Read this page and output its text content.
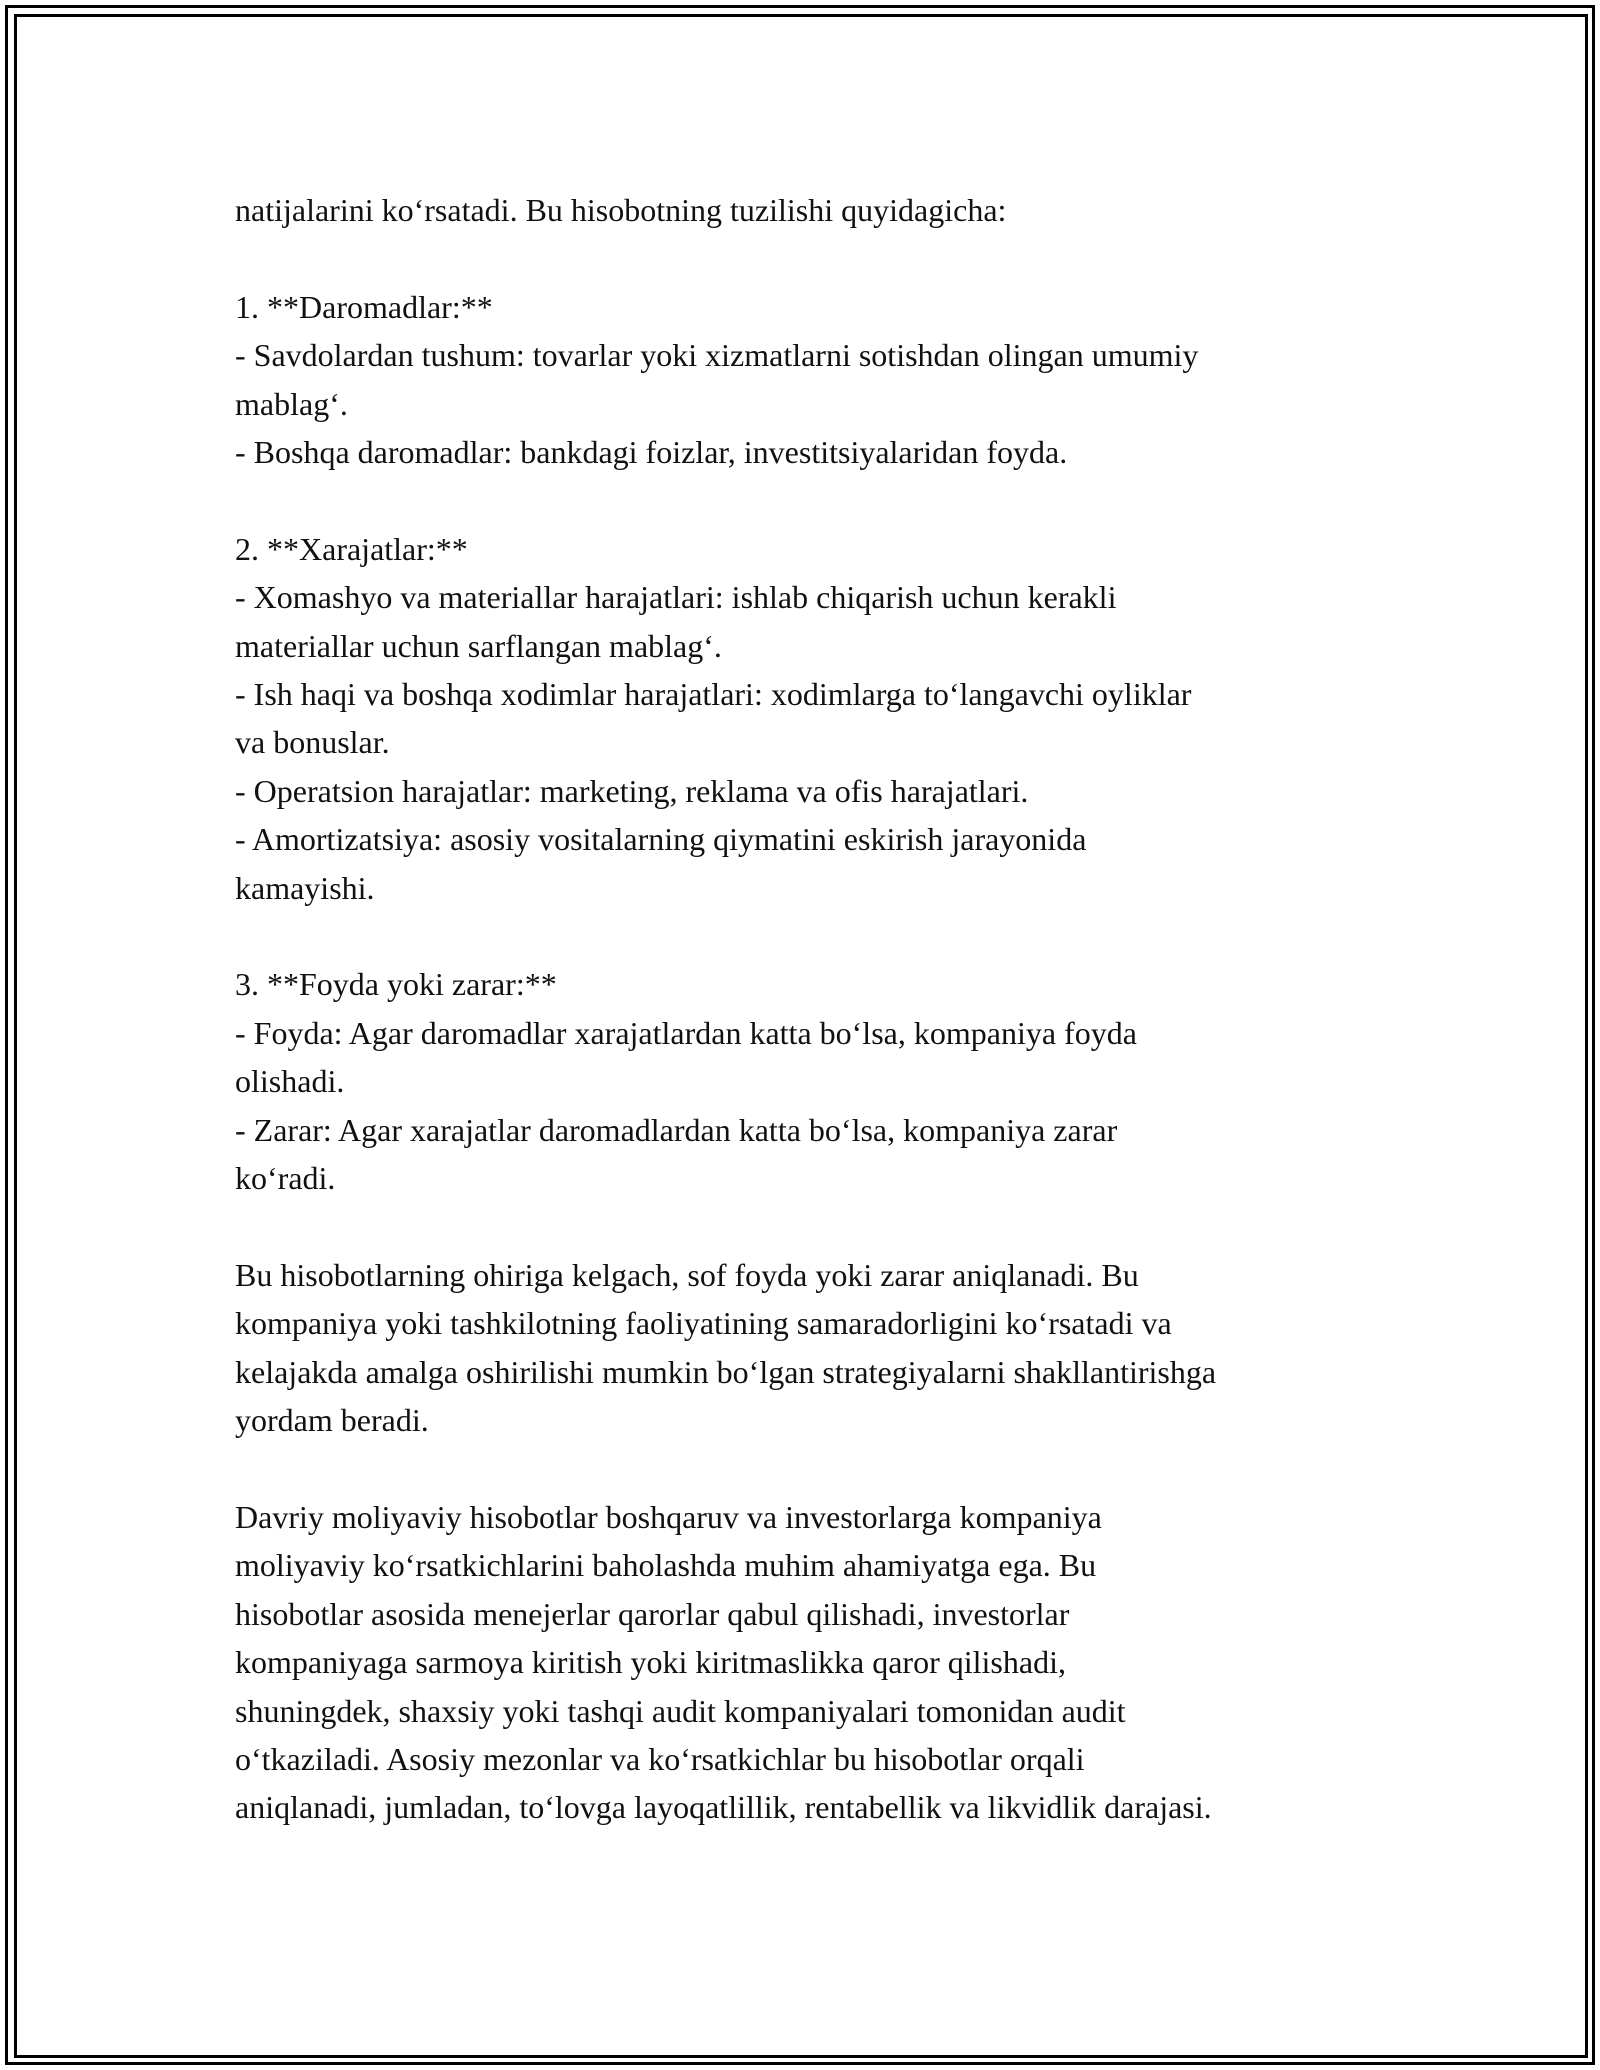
natijalarini ko‘rsatadi. Bu hisobotning tuzilishi quyidagicha:
1. **Daromadlar:**
- Savdolardan tushum: tovarlar yoki xizmatlarni sotishdan olingan umumiy
mablag‘.
- Boshqa daromadlar: bankdagi foizlar, investitsiyalaridan foyda.
2. **Xarajatlar:**
- Xomashyo va materiallar harajatlari: ishlab chiqarish uchun kerakli
materiallar uchun sarflangan mablag‘.
- Ish haqi va boshqa xodimlar harajatlari: xodimlarga to‘langavchi oyliklar
va bonuslar.
- Operatsion harajatlar: marketing, reklama va ofis harajatlari.
- Amortizatsiya: asosiy vositalarning qiymatini eskirish jarayonida
kamayishi.
3. **Foyda yoki zarar:**
- Foyda: Agar daromadlar xarajatlardan katta bo‘lsa, kompaniya foyda
olishadi.
- Zarar: Agar xarajatlar daromadlardan katta bo‘lsa, kompaniya zarar
ko‘radi.
Bu hisobotlarning ohiriga kelgach, sof foyda yoki zarar aniqlanadi. Bu
kompaniya yoki tashkilotning faoliyatining samaradorligini ko‘rsatadi va
kelajakda amalga oshirilishi mumkin bo‘lgan strategiyalarni shakllantirishga
yordam beradi.
Davriy moliyaviy hisobotlar boshqaruv va investorlarga kompaniya
moliyaviy ko‘rsatkichlarini baholashda muhim ahamiyatga ega. Bu
hisobotlar asosida menejerlar qarorlar qabul qilishadi, investorlar
kompaniyaga sarmoya kiritish yoki kiritmaslikka qaror qilishadi,
shuningdek, shaxsiy yoki tashqi audit kompaniyalari tomonidan audit
o‘tkaziladi. Asosiy mezonlar va ko‘rsatkichlar bu hisobotlar orqali
aniqlanadi, jumladan, to‘lovga layoqatlillik, rentabellik va likvidlik darajasi.
